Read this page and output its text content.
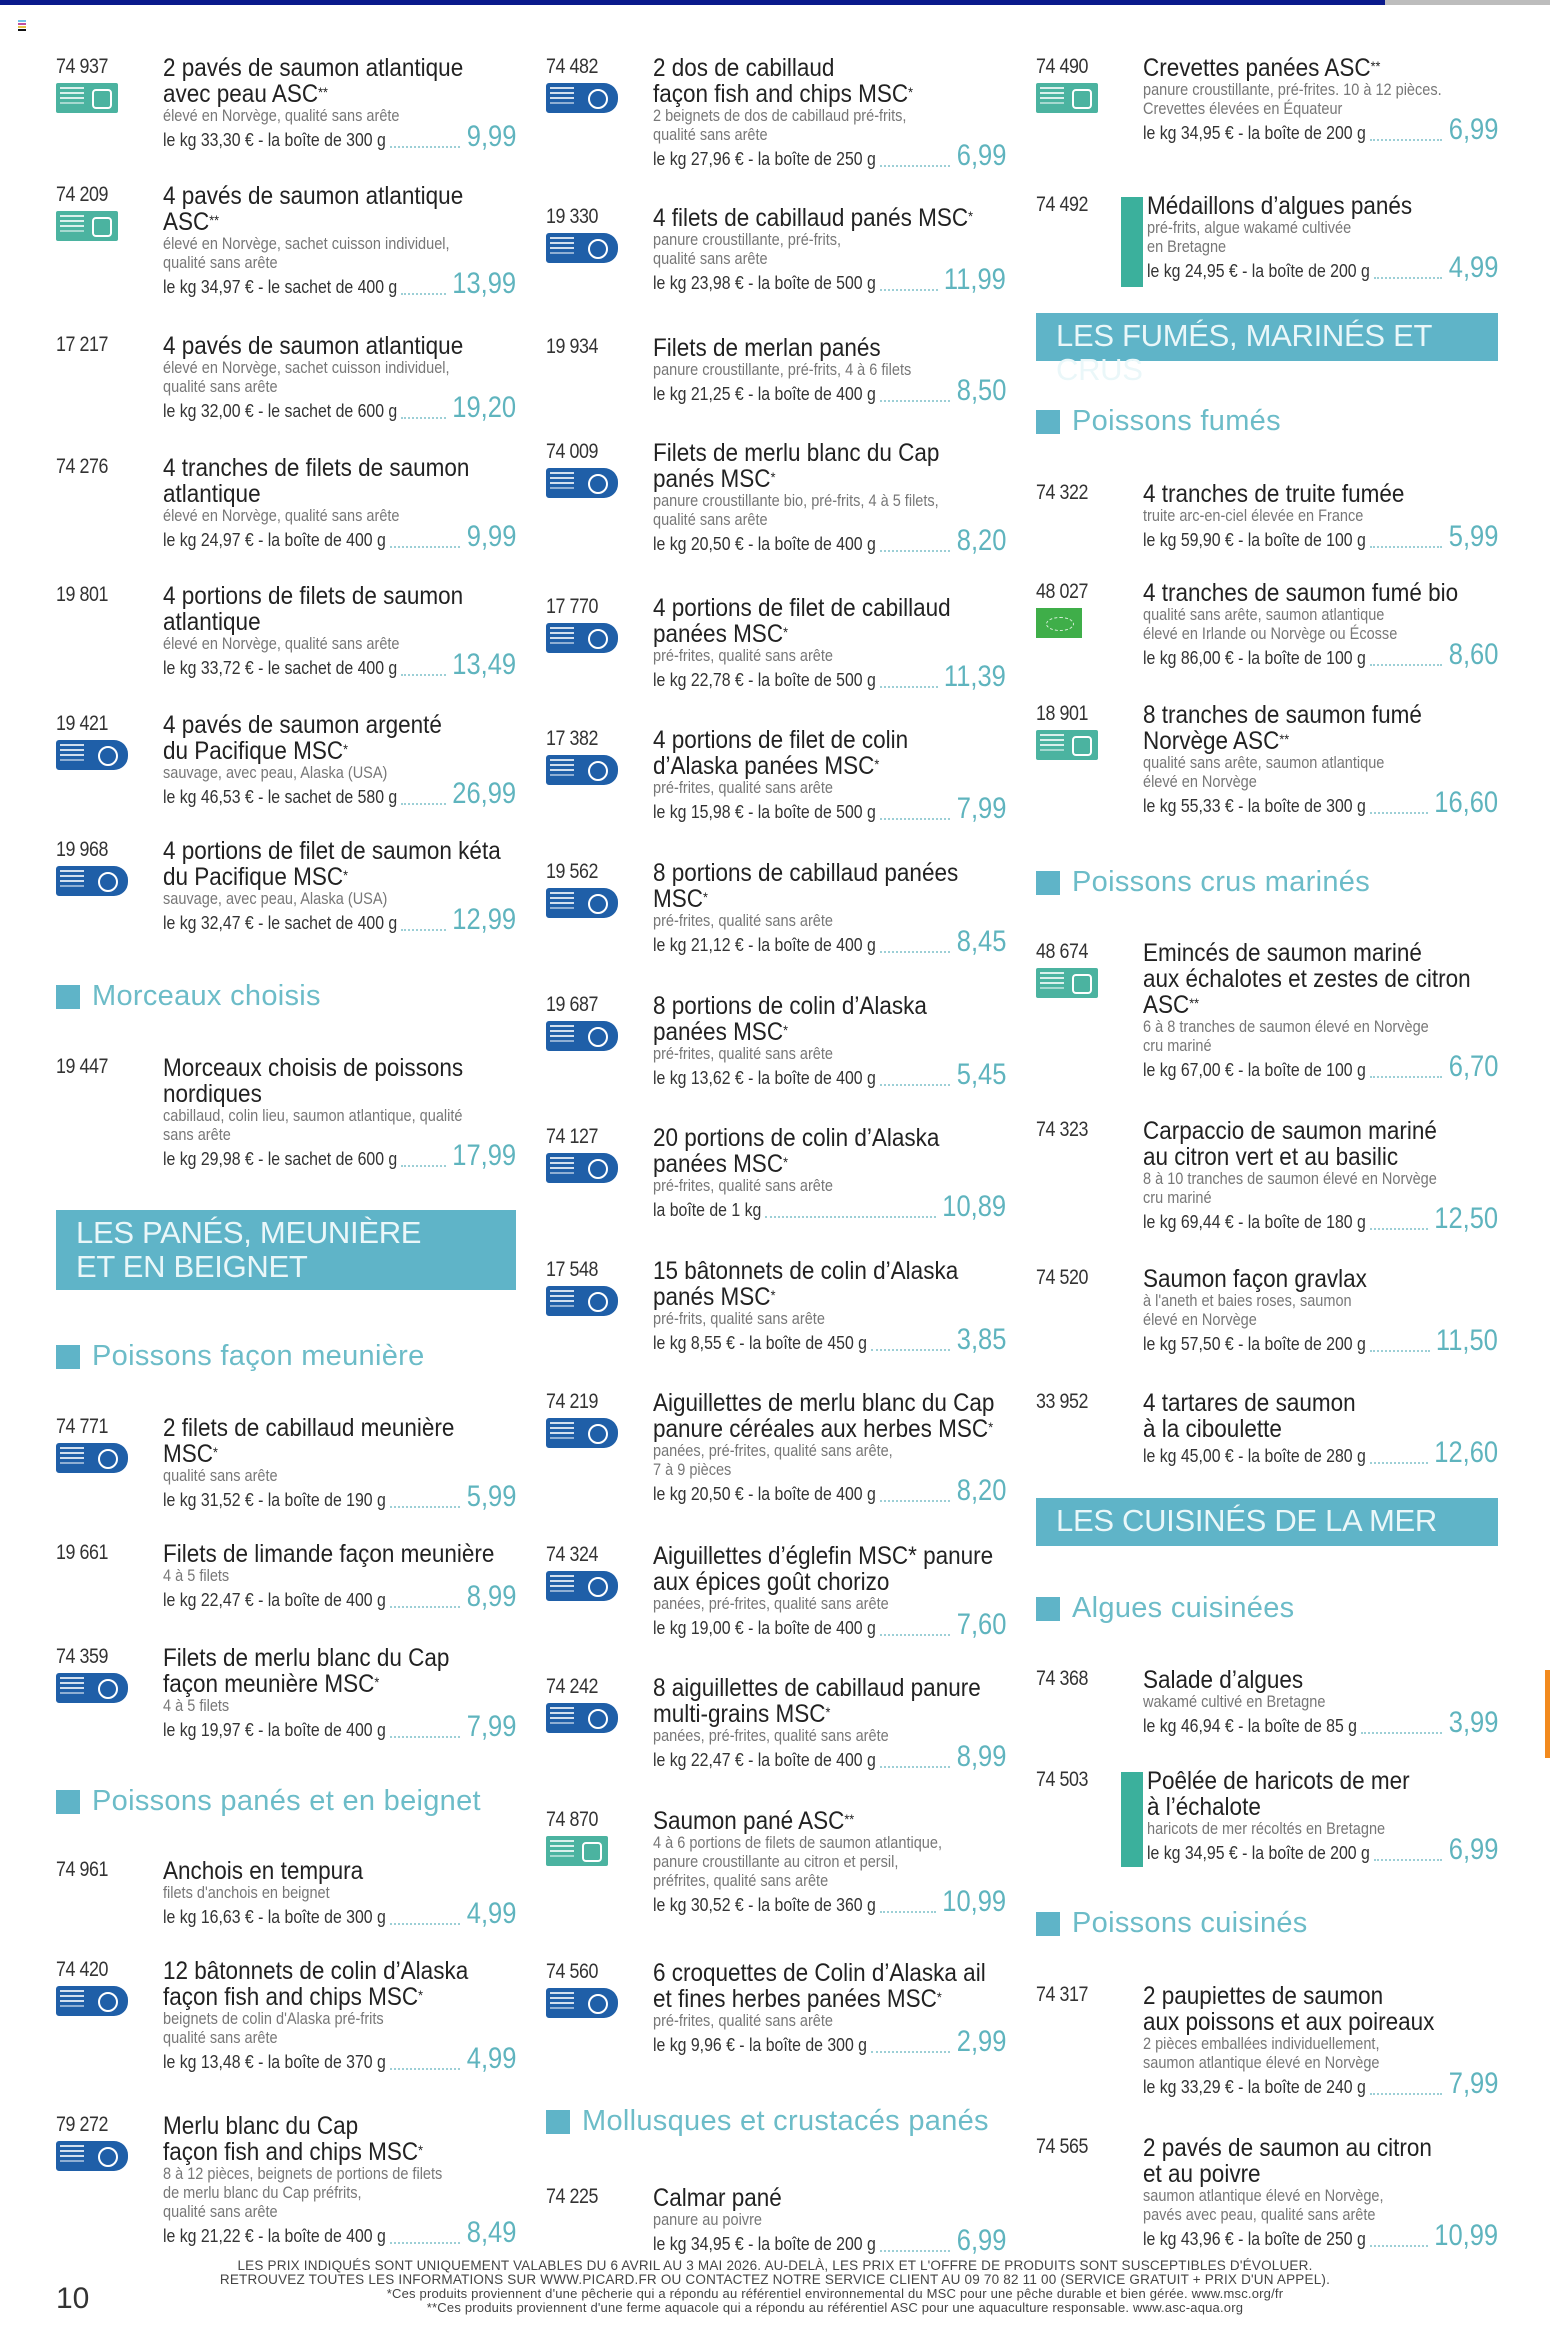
74 937 2 pavés de saumon atlantique
avec peau ASC**
élevé en Norvège, qualité sans arête
le kg 33,30 € - la boîte de 300 g	9,99
74 209 4 pavés de saumon atlantique
ASC**
élevé en Norvège, sachet cuisson individuel,
qualité sans arête
le kg 34,97 € - le sachet de 400 g 13,99
17 217 4 pavés de saumon atlantique
élevé en Norvège, sachet cuisson individuel,
qualité sans arête
le kg 32,00 € - le sachet de 600 g 19,20
74 276 4 tranches de filets de saumon
atlantique
élevé en Norvège, qualité sans arête
le kg 24,97 € - la boîte de 400 g	9,99
19 801 4 portions de filets de saumon
atlantique
élevé en Norvège, qualité sans arête
le kg 33,72 € - le sachet de 400 g 13,49
19 421 4 pavés de saumon argenté
du Pacifique MSC*
sauvage, avec peau, Alaska (USA)
le kg 46,53 € - le sachet de 580 g 26,99
19 968 4 portions de filet de saumon kéta
du Pacifique MSC*
sauvage, avec peau, Alaska (USA)
le kg 32,47 € - le sachet de 400 g 12,99
Morceaux choisis
19 447 Morceaux choisis de poissons
nordiques
cabillaud, colin lieu, saumon atlantique, qualité
sans arête
le kg 29,98 € - le sachet de 600 g 17,99
LES PANÉS, MEUNIÈRE
ET EN BEIGNET
Poissons façon meunière
74 771 2 filets de cabillaud meunière
MSC*
qualité sans arête
le kg 31,52 € - la boîte de 190 g	5,99
19 661 Filets de limande façon meunière
4 à 5 filets
le kg 22,47 € - la boîte de 400 g	8,99
74 359 Filets de merlu blanc du Cap
façon meunière MSC*
4 à 5 filets
le kg 19,97 € - la boîte de 400 g	7,99
Poissons panés et en beignet
74 961 Anchois en tempura
filets d'anchois en beignet
le kg 16,63 € - la boîte de 300 g	4,99
74 420 12 bâtonnets de colin d’Alaska
façon fish and chips MSC*
beignets de colin d'Alaska pré-frits
qualité sans arête
le kg 13,48 € - la boîte de 370 g	4,99
79 272 Merlu blanc du Cap
façon fish and chips MSC*
8 à 12 pièces, beignets de portions de filets
de merlu blanc du Cap préfrits,
qualité sans arête
le kg 21,22 € - la boîte de 400 g	8,49
74 482 2 dos de cabillaud
façon fish and chips MSC*
2 beignets de dos de cabillaud pré-frits,
qualité sans arête
le kg 27,96 € - la boîte de 250 g	6,99
19 330 4 filets de cabillaud panés MSC*
panure croustillante, pré-frits,
qualité sans arête
le kg 23,98 € - la boîte de 500 g 11,99
19 934 Filets de merlan panés
panure croustillante, pré-frits, 4 à 6 filets
le kg 21,25 € - la boîte de 400 g	8,50
74 009 Filets de merlu blanc du Cap
panés MSC*
panure croustillante bio, pré-frits, 4 à 5 filets,
qualité sans arête
le kg 20,50 € - la boîte de 400 g	8,20
17 770 4 portions de filet de cabillaud
panées MSC*
pré-frites, qualité sans arête
le kg 22,78 € - la boîte de 500 g 11,39
17 382 4 portions de filet de colin
d’Alaska panées MSC*
pré-frites, qualité sans arête
le kg 15,98 € - la boîte de 500 g	7,99
19 562 8 portions de cabillaud panées
MSC*
pré-frites, qualité sans arête
le kg 21,12 € - la boîte de 400 g	8,45
19 687 8 portions de colin d’Alaska
panées MSC*
pré-frites, qualité sans arête
le kg 13,62 € - la boîte de 400 g	5,45
74 127 20 portions de colin d’Alaska
panées MSC*
pré-frites, qualité sans arête
la boîte de 1 kg	10,89
17 548 15 bâtonnets de colin d’Alaska
panés MSC*
pré-frits, qualité sans arête
le kg 8,55 € - la boîte de 450 g	3,85
74 219 Aiguillettes de merlu blanc du Cap
panure céréales aux herbes MSC*
panées, pré-frites, qualité sans arête,
7 à 9 pièces
le kg 20,50 € - la boîte de 400 g	8,20
74 324 Aiguillettes d’églefin MSC* panure
aux épices goût chorizo
panées, pré-frites, qualité sans arête
le kg 19,00 € - la boîte de 400 g	7,60
74 242 8 aiguillettes de cabillaud panure
multi-grains MSC*
panées, pré-frites, qualité sans arête
le kg 22,47 € - la boîte de 400 g	8,99
74 870 Saumon pané ASC**
4 à 6 portions de filets de saumon atlantique,
panure croustillante au citron et persil,
préfrites, qualité sans arête
le kg 30,52 € - la boîte de 360 g 10,99
74 560 6 croquettes de Colin d’Alaska ail
et fines herbes panées MSC*
pré-frites, qualité sans arête
le kg 9,96 € - la boîte de 300 g	2,99
Mollusques et crustacés panés
74 225 Calmar pané
panure au poivre
le kg 34,95 € - la boîte de 200 g	6,99
74 490 Crevettes panées ASC**
panure croustillante, pré-frites. 10 à 12 pièces.
Crevettes élevées en Équateur
le kg 34,95 € - la boîte de 200 g	6,99
74 492 Médaillons d’algues panés
pré-frits, algue wakamé cultivée
en Bretagne
le kg 24,95 € - la boîte de 200 g	4,99
LES FUMÉS, MARINÉS ET CRUS
Poissons fumés
74 322 4 tranches de truite fumée
truite arc-en-ciel élevée en France
le kg 59,90 € - la boîte de 100 g	5,99
48 027 4 tranches de saumon fumé bio
qualité sans arête, saumon atlantique
élevé en Irlande ou Norvège ou Écosse
le kg 86,00 € - la boîte de 100 g	8,60
18 901 8 tranches de saumon fumé
Norvège ASC**
qualité sans arête, saumon atlantique
élevé en Norvège
le kg 55,33 € - la boîte de 300 g 16,60
Poissons crus marinés
48 674 Emincés de saumon mariné
aux échalotes et zestes de citron
ASC**
6 à 8 tranches de saumon élevé en Norvège
cru mariné
le kg 67,00 € - la boîte de 100 g	6,70
74 323 Carpaccio de saumon mariné
au citron vert et au basilic
8 à 10 tranches de saumon élevé en Norvège
cru mariné
le kg 69,44 € - la boîte de 180 g 12,50
74 520 Saumon façon gravlax
à l'aneth et baies roses, saumon
élevé en Norvège
le kg 57,50 € - la boîte de 200 g 11,50
33 952 4 tartares de saumon
à la ciboulette
le kg 45,00 € - la boîte de 280 g 12,60
LES CUISINÉS DE LA MER
Algues cuisinées
74 368 Salade d’algues
wakamé cultivé en Bretagne
le kg 46,94 € - la boîte de 85 g	3,99
74 503 Poêlée de haricots de mer
à l’échalote
haricots de mer récoltés en Bretagne
le kg 34,95 € - la boîte de 200 g	6,99
Poissons cuisinés
74 317 2 paupiettes de saumon
aux poissons et aux poireaux
2 pièces emballées individuellement,
saumon atlantique élevé en Norvège
le kg 33,29 € - la boîte de 240 g	7,99
74 565 2 pavés de saumon au citron
et au poivre
saumon atlantique élevé en Norvège,
pavés avec peau, qualité sans arête
le kg 43,96 € - la boîte de 250 g 10,99
LES PRIX INDIQUÉS SONT UNIQUEMENT VALABLES DU 6 AVRIL AU 3 MAI 2026. AU-DELÀ, LES PRIX ET L'OFFRE DE PRODUITS SONT SUSCEPTIBLES D'ÉVOLUER.
RETROUVEZ TOUTES LES INFORMATIONS SUR WWW.PICARD.FR OU CONTACTEZ NOTRE SERVICE CLIENT AU 09 70 82 11 00 (SERVICE GRATUIT + PRIX D'UN APPEL).
*Ces produits proviennent d'une pêcherie qui a répondu au référentiel environnemental du MSC pour une pêche durable et bien gérée. www.msc.org/fr
**Ces produits proviennent d'une ferme aquacole qui a répondu au référentiel ASC pour une aquaculture responsable. www.asc-aqua.org
10
